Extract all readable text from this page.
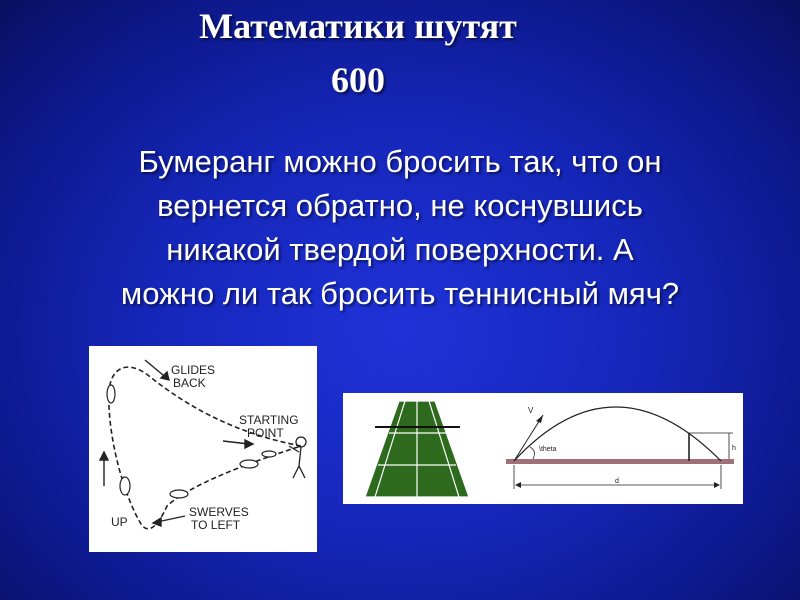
Математики шутят
600
Бумеранг можно бросить так, что он
вернется обратно, не коснувшись
никакой твердой поверхности. А
можно ли так бросить теннисный мяч?
GLIDES
BACK
STARTING
POINT
UP
SWERVES
TO LEFT
V
\theta	h
d
